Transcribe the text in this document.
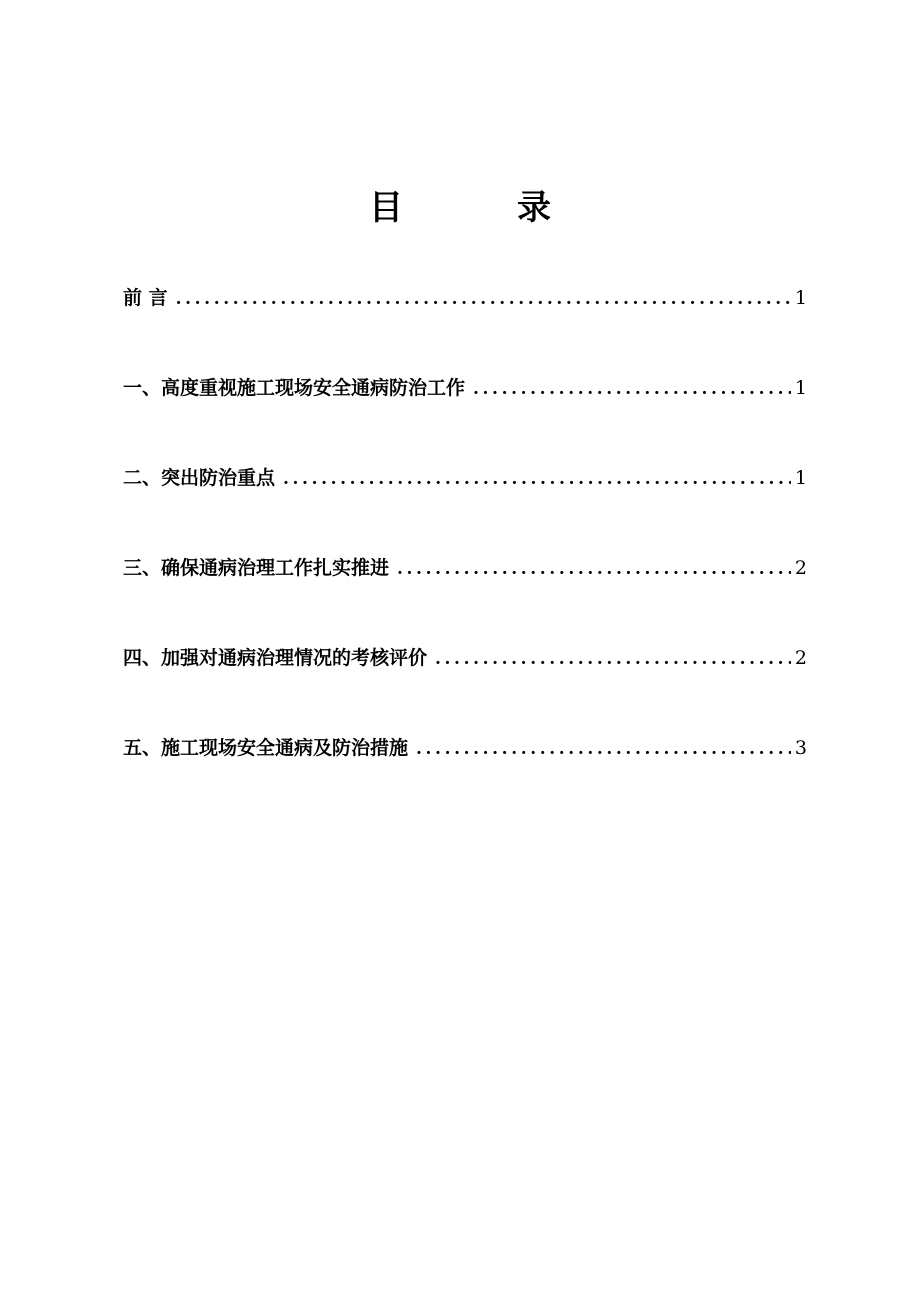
目　录
前 言 .....	1
一、高度重视施工现场安全通病防治工作 .....	1
二、突出防治重点 .....	1
三、确保通病治理工作扎实推进 .....	2
四、加强对通病治理情况的考核评价 .....	2
五、施工现场安全通病及防治措施 .....	3
